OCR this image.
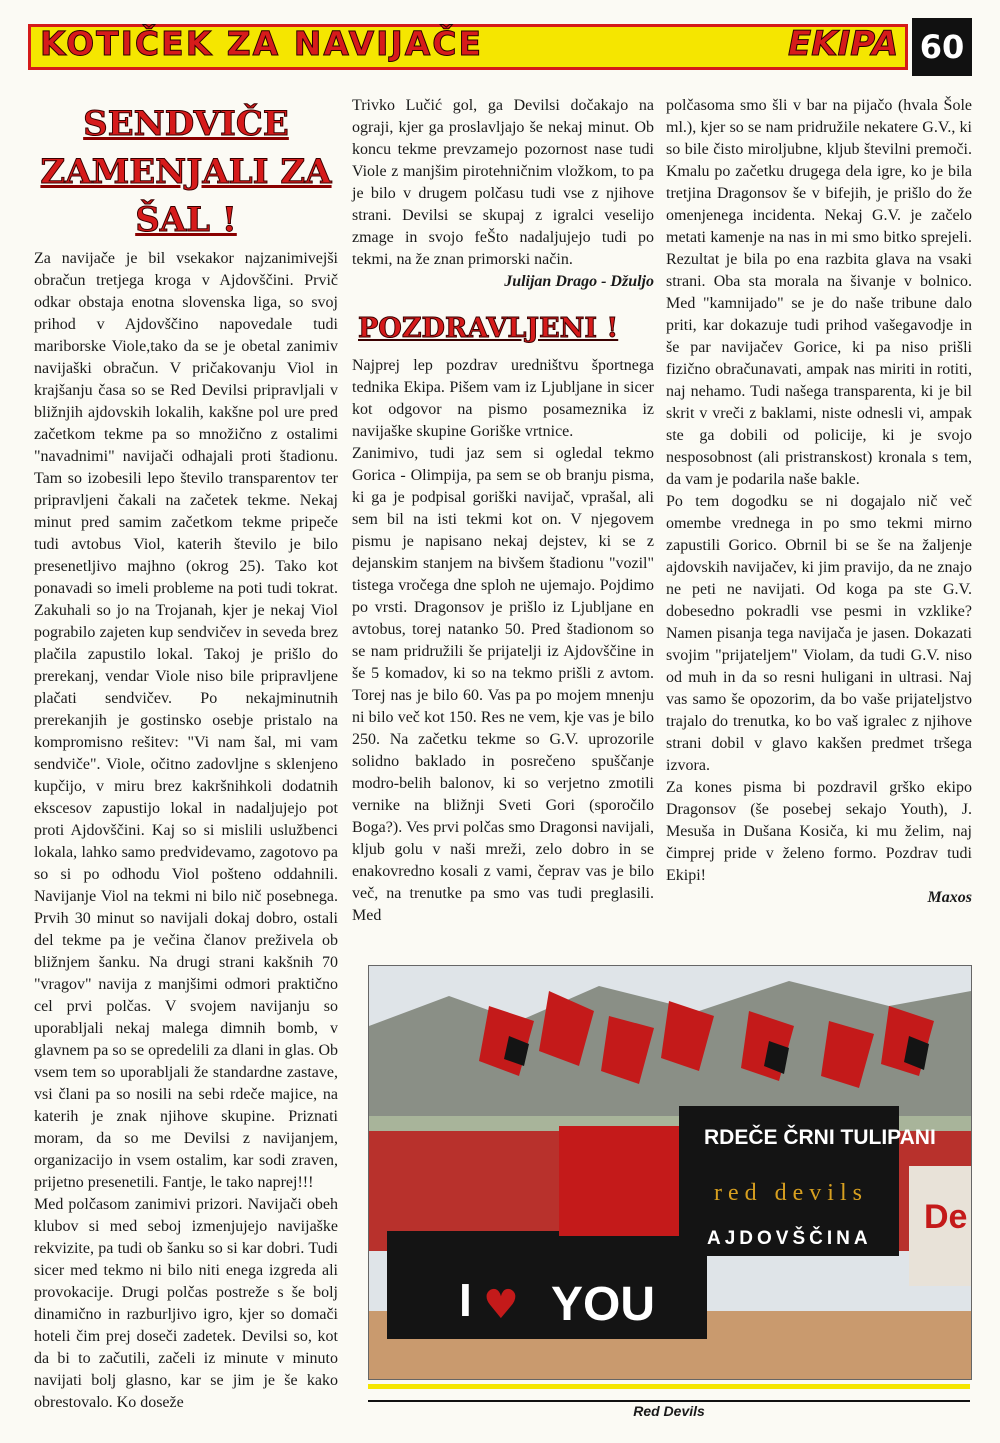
KOTIČEK ZA NAVIJAČE	EKIPA 60
SENDVIČE
ZAMENJALI ZA
ŠAL !

Za navijače je bil vsekakor najzanimivejši obračun tretjega kroga v Ajdovščini. Prvič odkar obstaja enotna slovenska liga, so svoj prihod v Ajdovščino napovedale tudi mariborske Viole,tako da se je obetal zanimiv navijaški obračun. V pričakovanju Viol in krajšanju časa so se Red Devilsi pripravljali v bližnjih ajdovskih lokalih, kakšne pol ure pred začetkom tekme pa so množično z ostalimi "navadnimi" navijači odhajali proti štadionu. Tam so izobesili lepo število transparentov ter pripravljeni čakali na začetek tekme. Nekaj minut pred samim začetkom tekme pripeče tudi avtobus Viol, katerih število je bilo presenetljivo majhno (okrog 25). Tako kot ponavadi so imeli probleme na poti tudi tokrat. Zakuhali so jo na Trojanah, kjer je nekaj Viol pograbilo zajeten kup sendvičev in seveda brez plačila zapustilo lokal. Takoj je prišlo do prerekanj, vendar Viole niso bile pripravljene plačati sendvičev. Po nekajminutnih prerekanjih je gostinsko osebje pristalo na kompromisno rešitev: "Vi nam šal, mi vam sendviče". Viole, očitno zadovljne s sklenjeno kupčijo, v miru brez kakršnihkoli dodatnih ekscesov zapustijo lokal in nadaljujejo pot proti Ajdovščini. Kaj so si mislili uslužbenci lokala, lahko samo predvidevamo, zagotovo pa so si po odhodu Viol pošteno oddahnili. Navijanje Viol na tekmi ni bilo nič posebnega. Prvih 30 minut so navijali dokaj dobro, ostali del tekme pa je večina članov preživela ob bližnjem šanku. Na drugi strani kakšnih 70 "vragov" navija z manjšimi odmori praktično cel prvi polčas. V svojem navijanju so uporabljali nekaj malega dimnih bomb, v glavnem pa so se opredelili za dlani in glas. Ob vsem tem so uporabljali že standardne zastave, vsi člani pa so nosili na sebi rdeče majice, na katerih je znak njihove skupine. Priznati moram, da so me Devilsi z navijanjem, organizacijo in vsem ostalim, kar sodi zraven, prijetno presenetili. Fantje, le tako naprej!!!

Med polčasom zanimivi prizori. Navijači obeh klubov si med seboj izmenjujejo navijaške rekvizite, pa tudi ob šanku so si kar dobri. Tudi sicer med tekmo ni bilo niti enega izgreda ali provokacije. Drugi polčas postreže s še bolj dinamično in razburljivo igro, kjer so domači hoteli čim prej doseči zadetek. Devilsi so, kot da bi to začutili, začeli iz minute v minuto navijati bolj glasno, kar se jim je še kako obrestovalo. Ko doseže

Trivko Lučić gol, ga Devilsi dočakajo na ograji, kjer ga proslavljajo še nekaj minut. Ob koncu tekme prevzamejo pozornost nase tudi Viole z manjšim pirotehničnim vložkom, to pa je bilo v drugem polčasu tudi vse z njihove strani. Devilsi se skupaj z igralci veselijo zmage in svojo feŠto nadaljujejo tudi po tekmi, na že znan primorski način.

Julijan Drago - Džuljo
POZDRAVLJENI !

Najprej lep pozdrav uredništvu športnega tednika Ekipa. Pišem vam iz Ljubljane in sicer kot odgovor na pismo posameznika iz navijaške skupine Goriške vrtnice.

Zanimivo, tudi jaz sem si ogledal tekmo Gorica - Olimpija, pa sem se ob branju pisma, ki ga je podpisal goriški navijač, vprašal, ali sem bil na isti tekmi kot on. V njegovem pismu je napisano nekaj dejstev, ki se z dejanskim stanjem na bivšem štadionu "vozil" tistega vročega dne sploh ne ujemajo. Pojdimo po vrsti. Dragonsov je prišlo iz Ljubljane en avtobus, torej natanko 50. Pred štadionom so se nam pridružili še prijatelji iz Ajdovščine in še 5 komadov, ki so na tekmo prišli z avtom. Torej nas je bilo 60. Vas pa po mojem mnenju ni bilo več kot 150. Res ne vem, kje vas je bilo 250. Na začetku tekme so G.V. uprozorile solidno baklado in posrečeno spuščanje modro-belih balonov, ki so verjetno zmotili vernike na bližnji Sveti Gori (sporočilo Boga?). Ves prvi polčas smo Dragonsi navijali, kljub golu v naši mreži, zelo dobro in se enakovredno kosali z vami, čeprav vas je bilo več, na trenutke pa smo vas tudi preglasili. Med

polčasoma smo šli v bar na pijačo (hvala Šole ml.), kjer so se nam pridružile nekatere G.V., ki so bile čisto miroljubne, kljub številni premoči. Kmalu po začetku drugega dela igre, ko je bila tretjina Dragonsov še v bifejih, je prišlo do že omenjenega incidenta. Nekaj G.V. je začelo metati kamenje na nas in mi smo bitko sprejeli. Rezultat je bila po ena razbita glava na vsaki strani. Oba sta morala na šivanje v bolnico. Med "kamnijado" se je do naše tribune dalo priti, kar dokazuje tudi prihod vašegavodje in še par navijačev Gorice, ki pa niso prišli fizično obračunavati, ampak nas miriti in rotiti, naj nehamo. Tudi našega transparenta, ki je bil skrit v vreči z baklami, niste odnesli vi, ampak ste ga dobili od policije, ki je svojo nesposobnost (ali pristranskost) kronala s tem, da vam je podarila naše bakle.

Po tem dogodku se ni dogajalo nič več omembe vrednega in po smo tekmi mirno zapustili Gorico. Obrnil bi se še na žaljenje ajdovskih navijačev, ki jim pravijo, da ne znajo ne peti ne navijati. Od koga pa ste G.V. dobesedno pokradli vse pesmi in vzklike? Namen pisanja tega navijača je jasen. Dokazati svojim "prijateljem" Violam, da tudi G.V. niso od muh in da so resni huligani in ultrasi. Naj vas samo še opozorim, da bo vaše prijateljstvo trajalo do trenutka, ko bo vaš igralec z njihove strani dobil v glavo kakšen predmet tršega izvora.

Za kones pisma bi pozdravil grško ekipo Dragonsov (še posebej sekajo Youth), J. Mesuša in Dušana Kosiča, ki mu želim, naj čimprej pride v želeno formo. Pozdrav tudi Ekipi!

Maxos
I ♥ YOU
RDEČE ČRNI TULIPANI
red devils
AJDOVŠČINA
De
Red Devils
